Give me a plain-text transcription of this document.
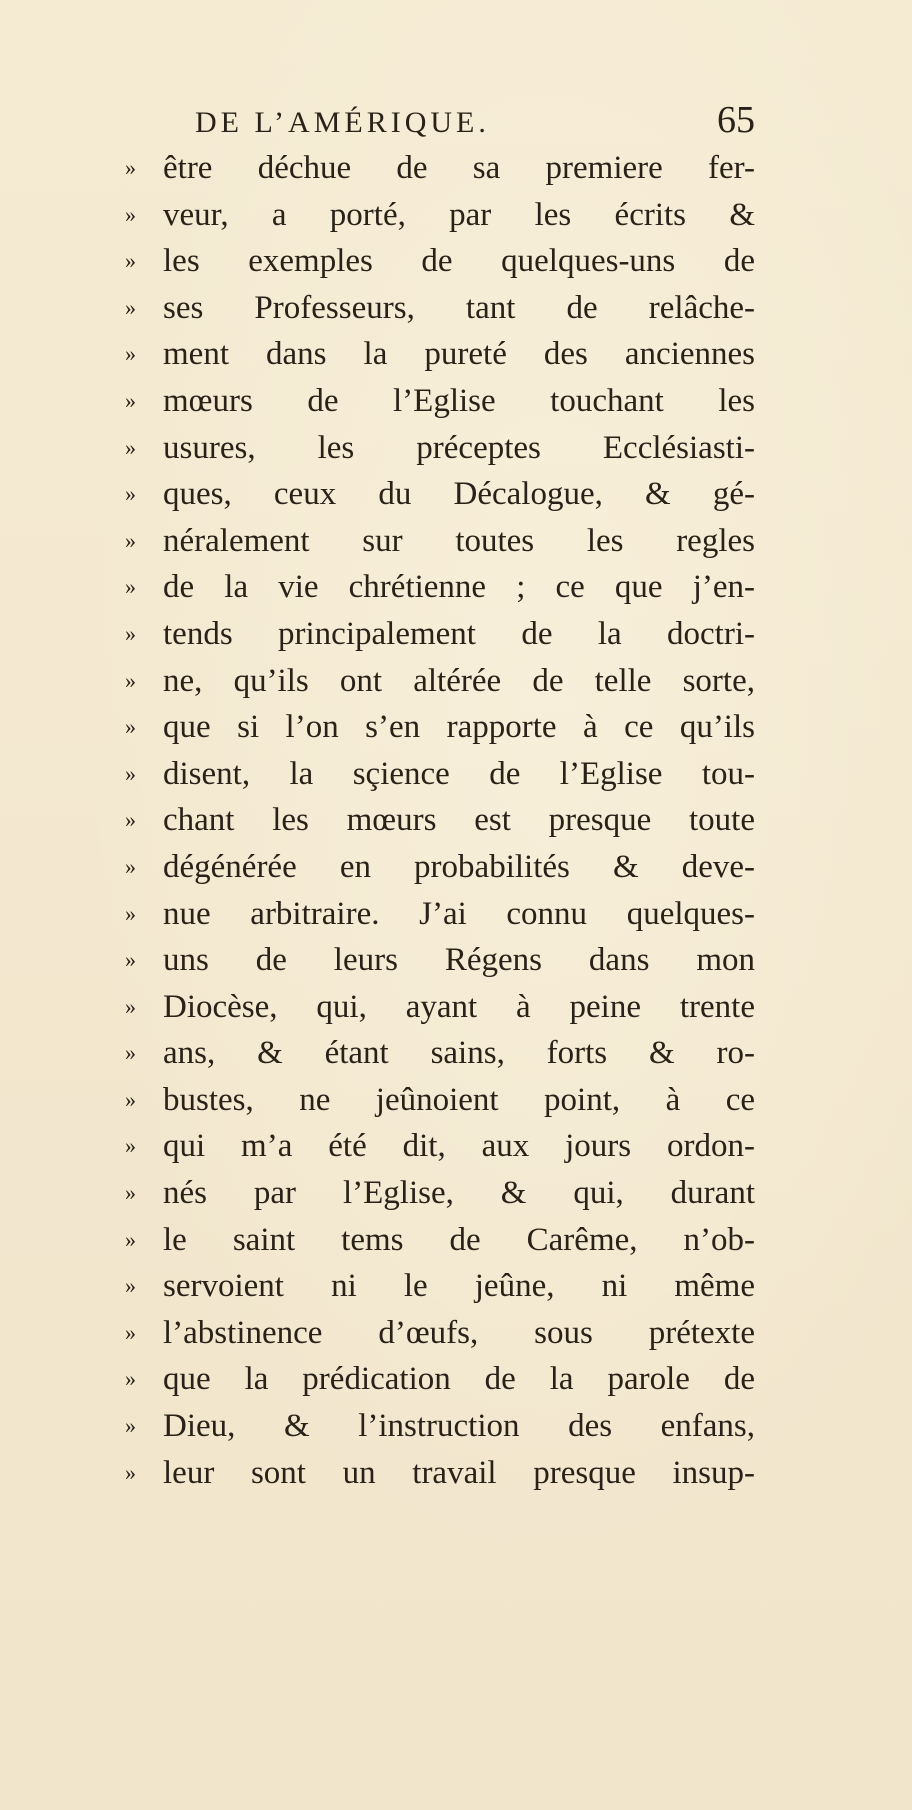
DE L’AMÉRIQUE.	65
» être déchue de sa premiere fer-
» veur, a porté, par les écrits &
» les exemples de quelques-uns de
» ses Professeurs, tant de relâche-
» ment dans la pureté des anciennes
» mœurs de l’Eglise touchant les
» usures, les préceptes Ecclésiasti-
» ques, ceux du Décalogue, & gé-
» néralement sur toutes les regles
» de la vie chrétienne ; ce que j’en-
» tends principalement de la doctri-
» ne, qu’ils ont altérée de telle sorte,
» que si l’on s’en rapporte à ce qu’ils
» disent, la sçience de l’Eglise tou-
» chant les mœurs est presque toute
» dégénérée en probabilités & deve-
» nue arbitraire. J’ai connu quelques-
» uns de leurs Régens dans mon
» Diocèse, qui, ayant à peine trente
» ans, & étant sains, forts & ro-
» bustes, ne jeûnoient point, à ce
» qui m’a été dit, aux jours ordon-
» nés par l’Eglise, & qui, durant
» le saint tems de Carême, n’ob-
» servoient ni le jeûne, ni même
» l’abstinence d’œufs, sous prétexte
» que la prédication de la parole de
» Dieu, & l’instruction des enfans,
» leur sont un travail presque insup-
